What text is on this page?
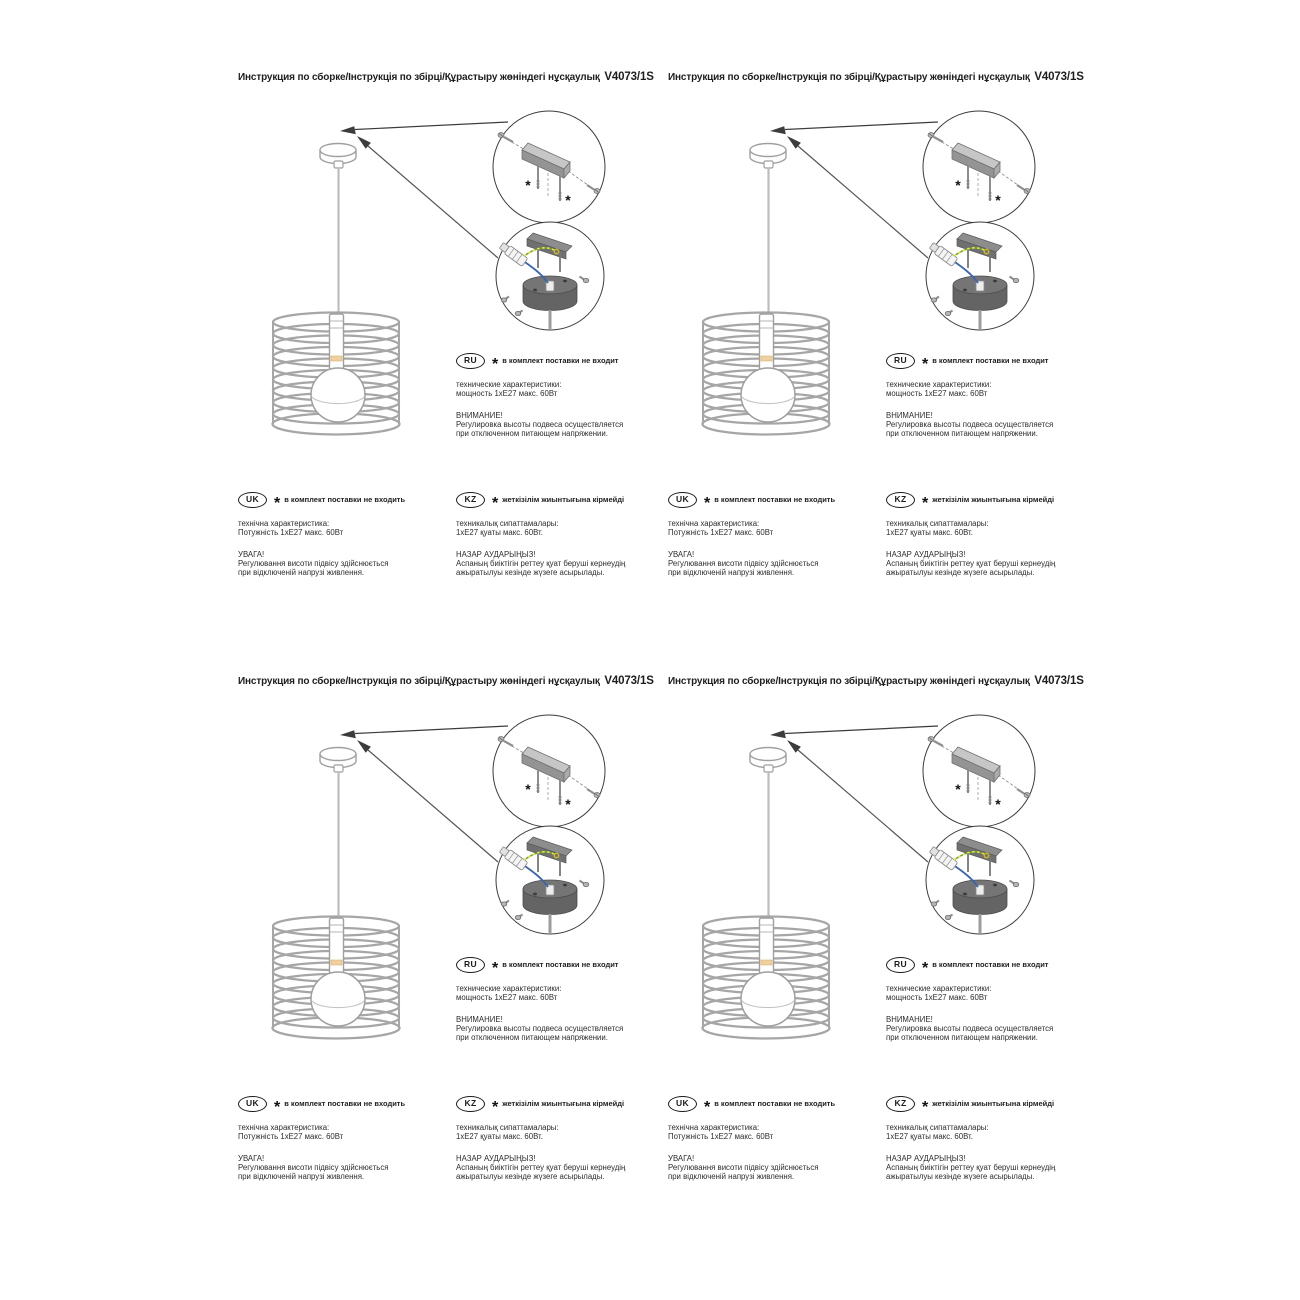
*
*
Инструкция по сборке/Інструкція по збірці/Құрастыру жөніндегі нұсқаулық V4073/1S
RU * в комплект поставки не входит
технические характеристики:
мощность 1хЕ27 макс. 60Вт
ВНИМАНИЕ!
Регулировка высоты подвеса осуществляется
при отключенном питающем напряжении.
UK * в комплект поставки не входить
технічна характеристика:
Потужність 1хЕ27 макс. 60Вт
УВАГА!
Регулювання висоти підвісу здійснюється
при відключеній напрузі живлення.
KZ * жеткізілім жиынтығына кірмейді
техникалық сипаттамалары:
1хЕ27 қуаты макс. 60Вт.
НАЗАР АУДАРЫҢЫЗ!
Аспаның биіктігін реттеу қуат беруші кернеудің
ажыратылуы кезінде жүзеге асырылады.
*
*
Инструкция по сборке/Інструкція по збірці/Құрастыру жөніндегі нұсқаулық V4073/1S
RU * в комплект поставки не входит
технические характеристики:
мощность 1хЕ27 макс. 60Вт
ВНИМАНИЕ!
Регулировка высоты подвеса осуществляется
при отключенном питающем напряжении.
UK * в комплект поставки не входить
технічна характеристика:
Потужність 1хЕ27 макс. 60Вт
УВАГА!
Регулювання висоти підвісу здійснюється
при відключеній напрузі живлення.
KZ * жеткізілім жиынтығына кірмейді
техникалық сипаттамалары:
1хЕ27 қуаты макс. 60Вт.
НАЗАР АУДАРЫҢЫЗ!
Аспаның биіктігін реттеу қуат беруші кернеудің
ажыратылуы кезінде жүзеге асырылады.
*
*
Инструкция по сборке/Інструкція по збірці/Құрастыру жөніндегі нұсқаулық V4073/1S
RU * в комплект поставки не входит
технические характеристики:
мощность 1хЕ27 макс. 60Вт
ВНИМАНИЕ!
Регулировка высоты подвеса осуществляется
при отключенном питающем напряжении.
UK * в комплект поставки не входить
технічна характеристика:
Потужність 1хЕ27 макс. 60Вт
УВАГА!
Регулювання висоти підвісу здійснюється
при відключеній напрузі живлення.
KZ * жеткізілім жиынтығына кірмейді
техникалық сипаттамалары:
1хЕ27 қуаты макс. 60Вт.
НАЗАР АУДАРЫҢЫЗ!
Аспаның биіктігін реттеу қуат беруші кернеудің
ажыратылуы кезінде жүзеге асырылады.
*
*
Инструкция по сборке/Інструкція по збірці/Құрастыру жөніндегі нұсқаулық V4073/1S
RU * в комплект поставки не входит
технические характеристики:
мощность 1хЕ27 макс. 60Вт
ВНИМАНИЕ!
Регулировка высоты подвеса осуществляется
при отключенном питающем напряжении.
UK * в комплект поставки не входить
технічна характеристика:
Потужність 1хЕ27 макс. 60Вт
УВАГА!
Регулювання висоти підвісу здійснюється
при відключеній напрузі живлення.
KZ * жеткізілім жиынтығына кірмейді
техникалық сипаттамалары:
1хЕ27 қуаты макс. 60Вт.
НАЗАР АУДАРЫҢЫЗ!
Аспаның биіктігін реттеу қуат беруші кернеудің
ажыратылуы кезінде жүзеге асырылады.
